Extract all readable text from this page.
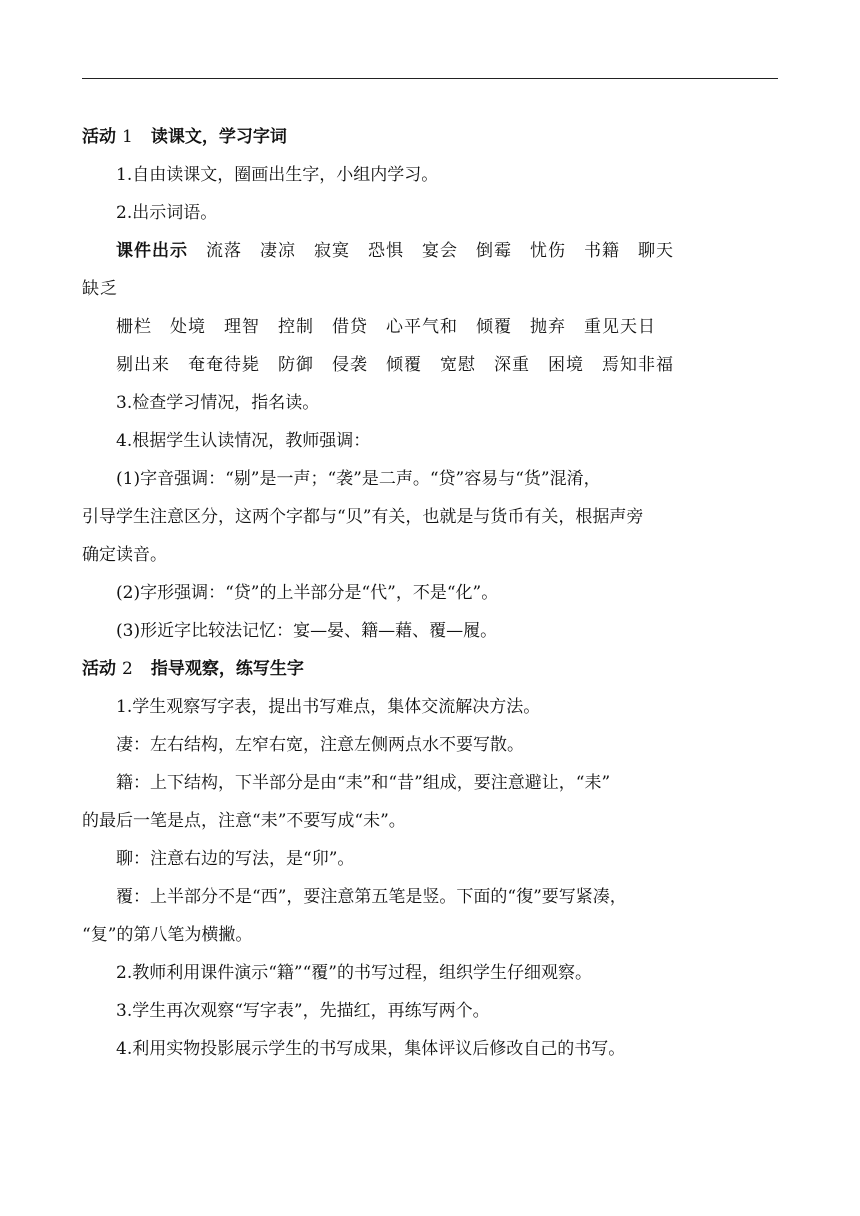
活动 1 读课文，学习字词
1.自由读课文，圈画出生字，小组内学习。
2.出示词语。
课件出示 流落 凄凉 寂寞 恐惧 宴会 倒霉 忧伤 书籍 聊天
缺乏
栅栏 处境 理智 控制 借贷 心平气和 倾覆 抛弃 重见天日
剔出来 奄奄待毙 防御 侵袭 倾覆 宽慰 深重 困境 焉知非福
3.检查学习情况，指名读。
4.根据学生认读情况，教师强调：
(1)字音强调：“剔”是一声；“袭”是二声。“贷”容易与“货”混淆，
引导学生注意区分，这两个字都与“贝”有关，也就是与货币有关，根据声旁
确定读音。
(2)字形强调：“贷”的上半部分是“代”，不是“化”。
(3)形近字比较法记忆：宴—晏、籍—藉、覆—履。
活动 2 指导观察，练写生字
1.学生观察写字表，提出书写难点，集体交流解决方法。
凄：左右结构，左窄右宽，注意左侧两点水不要写散。
籍：上下结构，下半部分是由“耒”和“昔”组成，要注意避让，“耒”
的最后一笔是点，注意“耒”不要写成“未”。
聊：注意右边的写法，是“卯”。
覆：上半部分不是“西”，要注意第五笔是竖。下面的“復”要写紧凑，
“复”的第八笔为横撇。
2.教师利用课件演示“籍”“覆”的书写过程，组织学生仔细观察。
3.学生再次观察“写字表”，先描红，再练写两个。
4.利用实物投影展示学生的书写成果，集体评议后修改自己的书写。
